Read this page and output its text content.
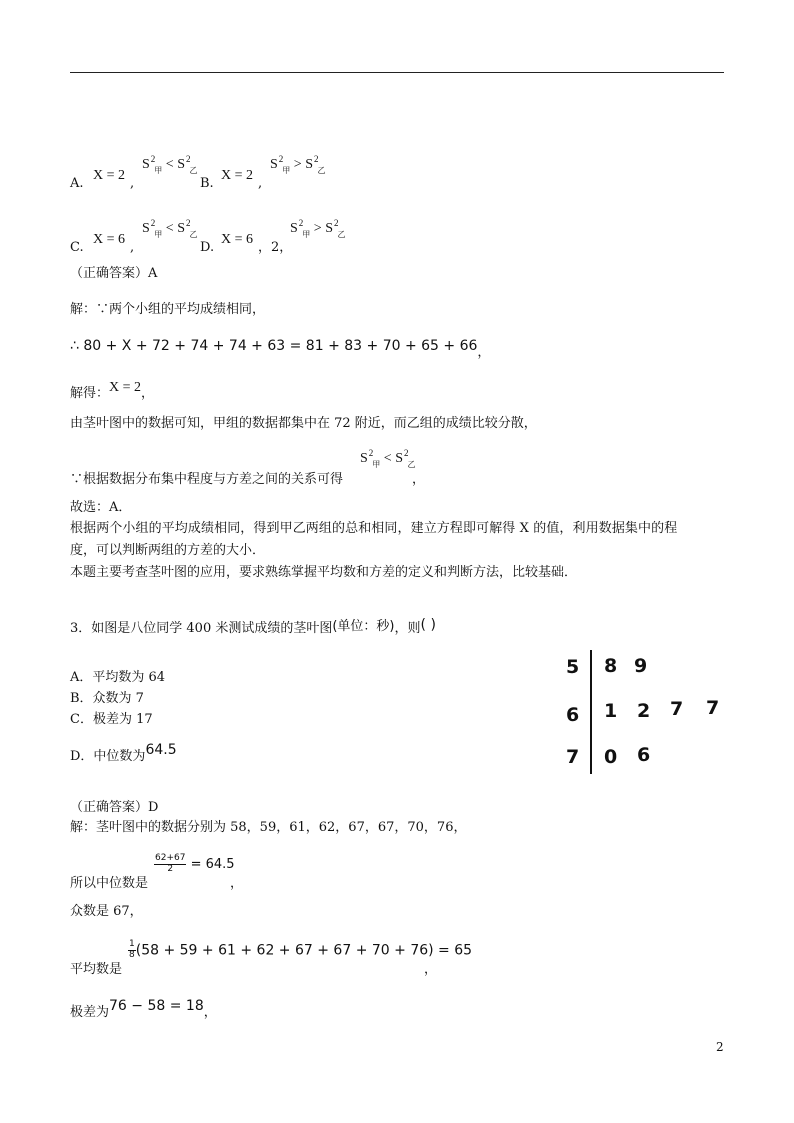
A.
X = 2
,
$S^2_甲 < S^2_乙$
B.
X = 2
,
$S^2_甲 > S^2_乙$
C.
X = 6
,
$S^2_甲 < S^2_乙$
D.
X = 6
，2，
$S^2_甲 > S^2_乙$
（正确答案）A
解：∵两个小组的平均成绩相同，
∴ 80 + X + 72 + 74 + 74 + 63 = 81 + 83 + 70 + 65 + 66，
解得：X = 2，
由茎叶图中的数据可知，甲组的数据都集中在 72 附近，而乙组的成绩比较分散，
∵根据数据分布集中程度与方差之间的关系可得
$S^2_甲 < S^2_乙$
，
故选：A．
根据两个小组的平均成绩相同，得到甲乙两组的总和相同，建立方程即可解得 X 的值，利用数据集中的程
度，可以判断两组的方差的大小．
本题主要考查茎叶图的应用，要求熟练掌握平均数和方差的定义和判断方法，比较基础．
3．如图是八位同学 400 米测试成绩的茎叶图(单位：秒)，则( )
A．平均数为 64
B．众数为 7
C．极差为 17
D．中位数为64.5
5 8 9
6 1 2 7 7
7 0 6
（正确答案）D
解：茎叶图中的数据分别为 58，59，61，62，67，67，70，76，
所以中位数是
$\frac{62+67}{2} = 64.5$
，
众数是 67，
平均数是
$\frac{1}{8} (58 + 59 + 61 + 62 + 67 + 67 + 70 + 76) = 65$
，
极差为76 − 58 = 18，
2
